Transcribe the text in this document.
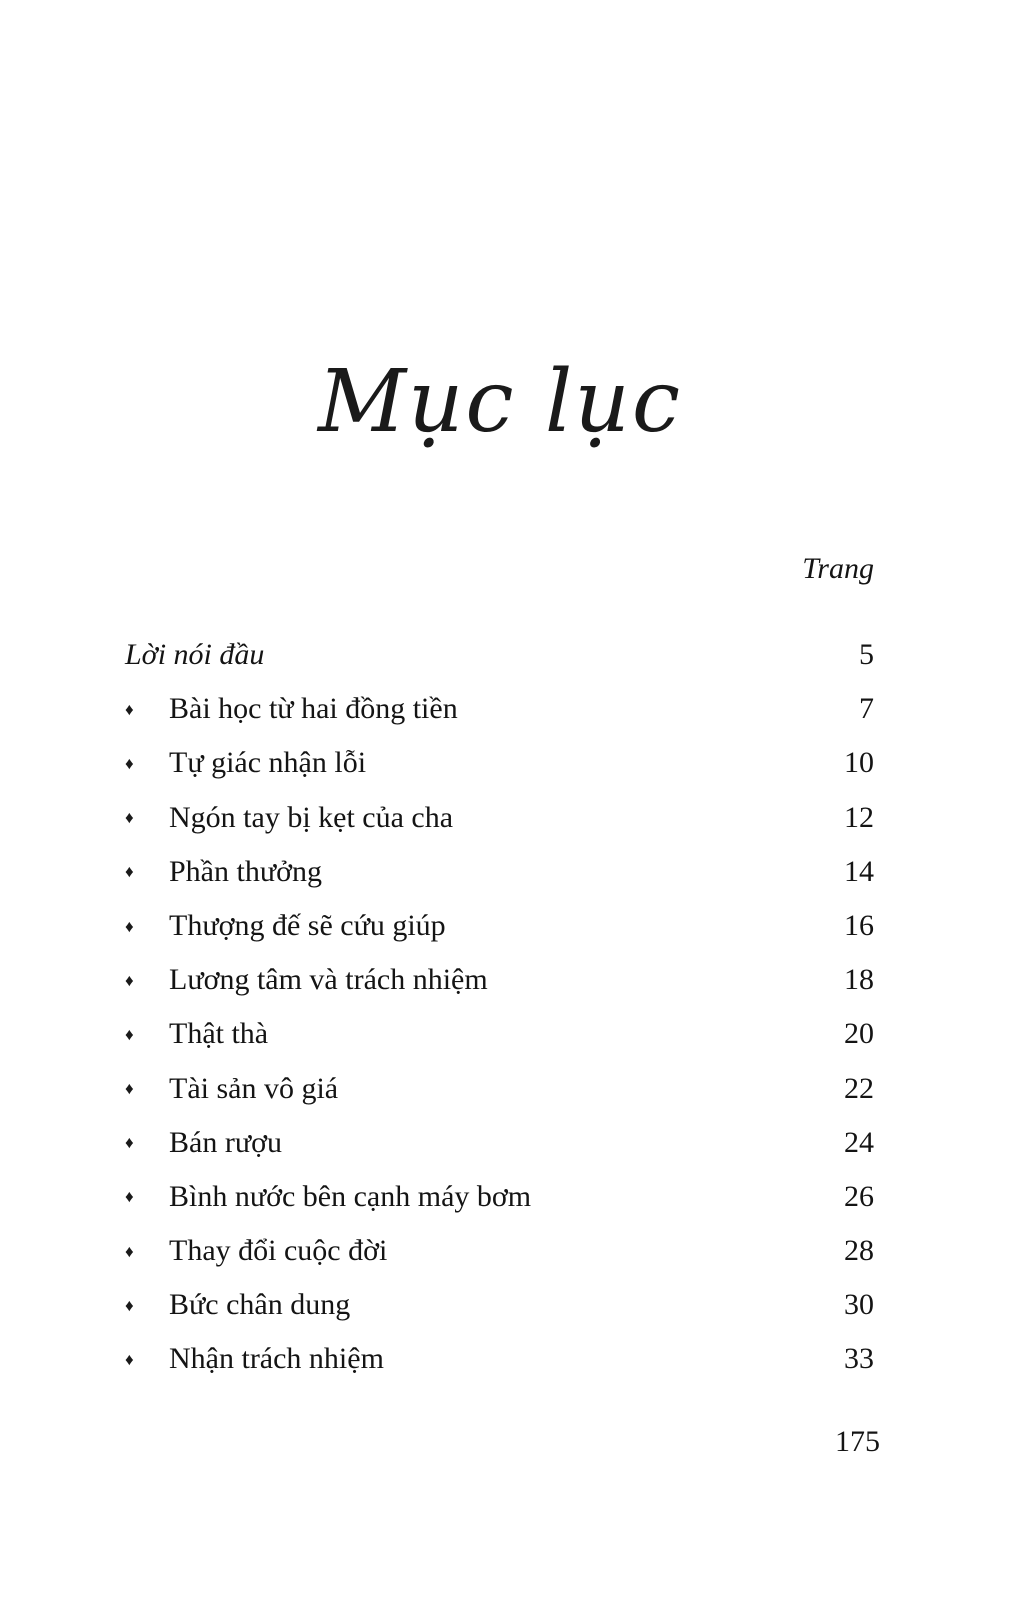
Mục lục
Trang
Lời nói đầu	5
♦	Bài học từ hai đồng tiền	7
♦	Tự giác nhận lỗi	10
♦	Ngón tay bị kẹt của cha	12
♦	Phần thưởng	14
♦	Thượng đế sẽ cứu giúp	16
♦	Lương tâm và trách nhiệm	18
♦	Thật thà	20
♦	Tài sản vô giá	22
♦	Bán rượu	24
♦	Bình nước bên cạnh máy bơm	26
♦	Thay đổi cuộc đời	28
♦	Bức chân dung	30
♦	Nhận trách nhiệm	33
175
